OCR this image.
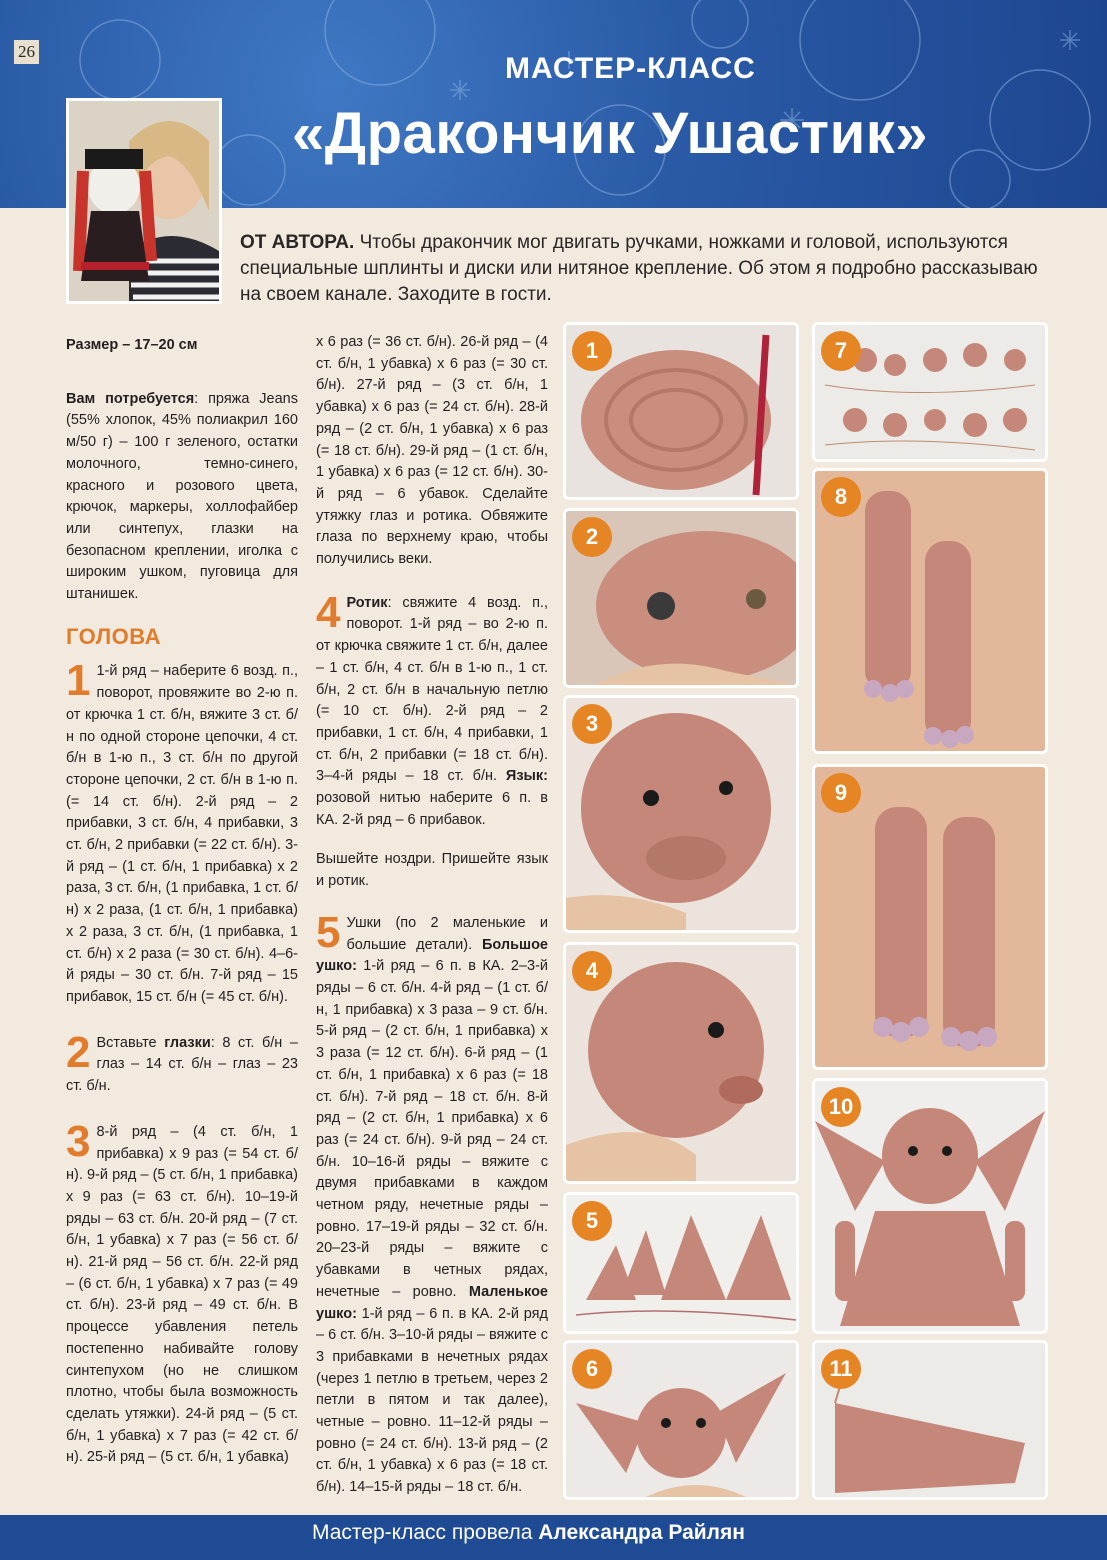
26
МАСТЕР-КЛАСС
«Дракончик Ушастик»
ОТ АВТОРА. Чтобы дракончик мог двигать ручками, ножками и головой, используются специальные шплинты и диски или нитяное крепление. Об этом я подробно рассказываю на своем канале. Заходите в гости.

Размер – 17–20 см

Вам потребуется: пряжа Jeans (55% хлопок, 45% полиакрил 160 м/50 г) – 100 г зеленого, остатки молочного, темно-синего, красного и розового цвета, крючок, маркеры, холлофайбер или синтепух, глазки на безопасном креплении, иголка с широким ушком, пуговица для штанишек.

ГОЛОВА

1 1-й ряд – наберите 6 возд. п., поворот, провяжите во 2-ю п. от крючка 1 ст. б/н, вяжите 3 ст. б/н по одной стороне цепочки, 4 ст. б/н в 1-ю п., 3 ст. б/н по другой стороне цепочки, 2 ст. б/н в 1-ю п. (= 14 ст. б/н). 2-й ряд – 2 прибавки, 3 ст. б/н, 4 прибавки, 3 ст. б/н, 2 прибавки (= 22 ст. б/н). 3-й ряд – (1 ст. б/н, 1 прибавка) x 2 раза, 3 ст. б/н, (1 прибавка, 1 ст. б/н) x 2 раза, (1 ст. б/н, 1 прибавка) x 2 раза, 3 ст. б/н, (1 прибавка, 1 ст. б/н) x 2 раза (= 30 ст. б/н). 4–6-й ряды – 30 ст. б/н. 7-й ряд – 15 прибавок, 15 ст. б/н (= 45 ст. б/н).

2 Вставьте глазки: 8 ст. б/н – глаз – 14 ст. б/н – глаз – 23 ст. б/н.

3 8-й ряд – (4 ст. б/н, 1 прибавка) x 9 раз (= 54 ст. б/н). 9-й ряд – (5 ст. б/н, 1 прибавка) x 9 раз (= 63 ст. б/н). 10–19-й ряды – 63 ст. б/н. 20-й ряд – (7 ст. б/н, 1 убавка) x 7 раз (= 56 ст. б/н). 21-й ряд – 56 ст. б/н. 22-й ряд – (6 ст. б/н, 1 убавка) x 7 раз (= 49 ст. б/н). 23-й ряд – 49 ст. б/н. В процессе убавления петель постепенно набивайте голову синтепухом (но не слишком плотно, чтобы была возможность сделать утяжки). 24-й ряд – (5 ст. б/н, 1 убавка) x 7 раз (= 42 ст. б/н). 25-й ряд – (5 ст. б/н, 1 убавка)

x 6 раз (= 36 ст. б/н). 26-й ряд – (4 ст. б/н, 1 убавка) x 6 раз (= 30 ст. б/н). 27-й ряд – (3 ст. б/н, 1 убавка) x 6 раз (= 24 ст. б/н). 28-й ряд – (2 ст. б/н, 1 убавка) x 6 раз (= 18 ст. б/н). 29-й ряд – (1 ст. б/н, 1 убавка) x 6 раз (= 12 ст. б/н). 30-й ряд – 6 убавок. Сделайте утяжку глаз и ротика. Обвяжите глаза по верхнему краю, чтобы получились веки.

4 Ротик: свяжите 4 возд. п., поворот. 1-й ряд – во 2-ю п. от крючка свяжите 1 ст. б/н, далее – 1 ст. б/н, 4 ст. б/н в 1-ю п., 1 ст. б/н, 2 ст. б/н в начальную петлю (= 10 ст. б/н). 2-й ряд – 2 прибавки, 1 ст. б/н, 4 прибавки, 1 ст. б/н, 2 прибавки (= 18 ст. б/н). 3–4-й ряды – 18 ст. б/н. Язык: розовой нитью наберите 6 п. в КА. 2-й ряд – 6 прибавок.

Вышейте ноздри. Пришейте язык и ротик.

5 Ушки (по 2 маленькие и большие детали). Большое ушко: 1-й ряд – 6 п. в КА. 2–3-й ряды – 6 ст. б/н. 4-й ряд – (1 ст. б/н, 1 прибавка) x 3 раза – 9 ст. б/н. 5-й ряд – (2 ст. б/н, 1 прибавка) x 3 раза (= 12 ст. б/н). 6-й ряд – (1 ст. б/н, 1 прибавка) x 6 раз (= 18 ст. б/н). 7-й ряд – 18 ст. б/н. 8-й ряд – (2 ст. б/н, 1 прибавка) x 6 раз (= 24 ст. б/н). 9-й ряд – 24 ст. б/н. 10–16-й ряды – вяжите с двумя прибавками в каждом четном ряду, нечетные ряды – ровно. 17–19-й ряды – 32 ст. б/н. 20–23-й ряды – вяжите с убавками в четных рядах, нечетные – ровно. Маленькое ушко: 1-й ряд – 6 п. в КА. 2-й ряд – 6 ст. б/н. 3–10-й ряды – вяжите с 3 прибавками в нечетных рядах (через 1 петлю в третьем, через 2 петли в пятом и так далее), четные – ровно. 11–12-й ряды – ровно (= 24 ст. б/н). 13-й ряд – (2 ст. б/н, 1 убавка) x 6 раз (= 18 ст. б/н). 14–15-й ряды – 18 ст. б/н.

1
2
3
4
5
6
7
8
9
10
11
Мастер-класс провела Александра Райлян
